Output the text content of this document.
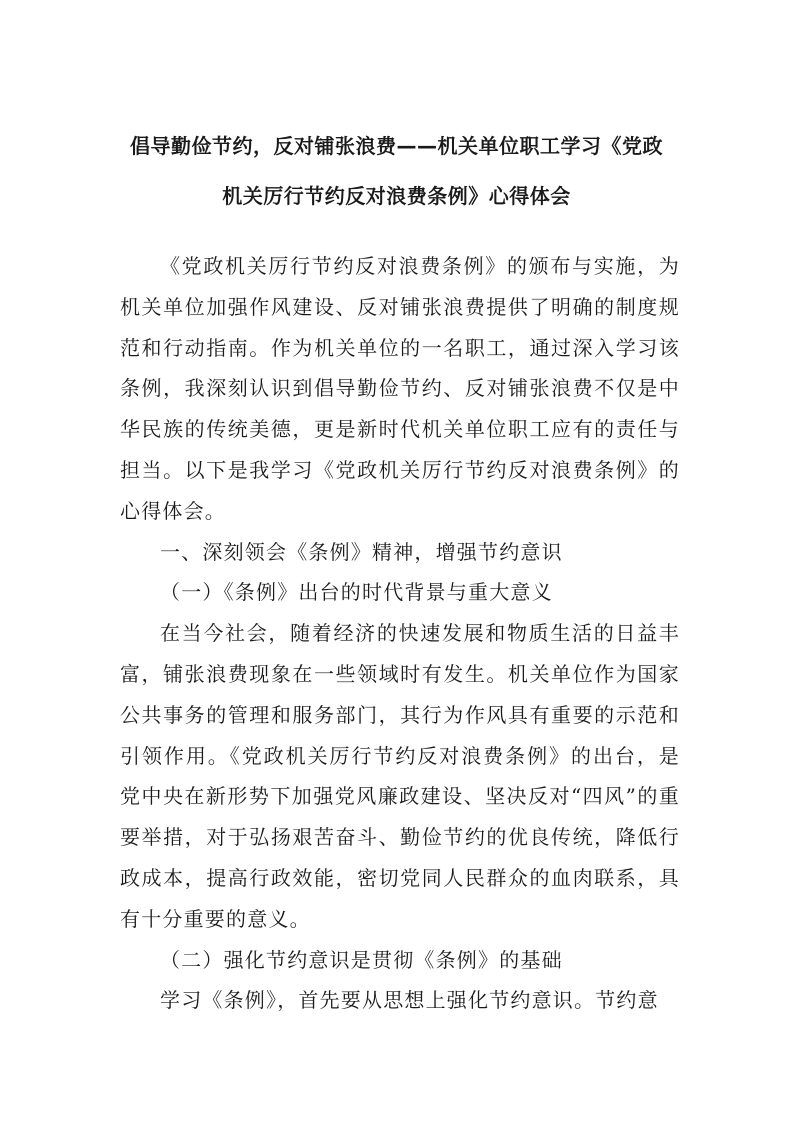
倡导勤俭节约，反对铺张浪费——机关单位职工学习《党政
机关厉行节约反对浪费条例》心得体会

《党政机关厉行节约反对浪费条例》的颁布与实施，为机关单位加强作风建设、反对铺张浪费提供了明确的制度规范和行动指南。作为机关单位的一名职工，通过深入学习该条例，我深刻认识到倡导勤俭节约、反对铺张浪费不仅是中华民族的传统美德，更是新时代机关单位职工应有的责任与担当。以下是我学习《党政机关厉行节约反对浪费条例》的心得体会。

一、深刻领会《条例》精神，增强节约意识

（一）《条例》出台的时代背景与重大意义

在当今社会，随着经济的快速发展和物质生活的日益丰富，铺张浪费现象在一些领域时有发生。机关单位作为国家公共事务的管理和服务部门，其行为作风具有重要的示范和引领作用。《党政机关厉行节约反对浪费条例》的出台，是党中央在新形势下加强党风廉政建设、坚决反对“四风”的重要举措，对于弘扬艰苦奋斗、勤俭节约的优良传统，降低行政成本，提高行政效能，密切党同人民群众的血肉联系，具有十分重要的意义。

（二）强化节约意识是贯彻《条例》的基础

学习《条例》，首先要从思想上强化节约意识。节约意
